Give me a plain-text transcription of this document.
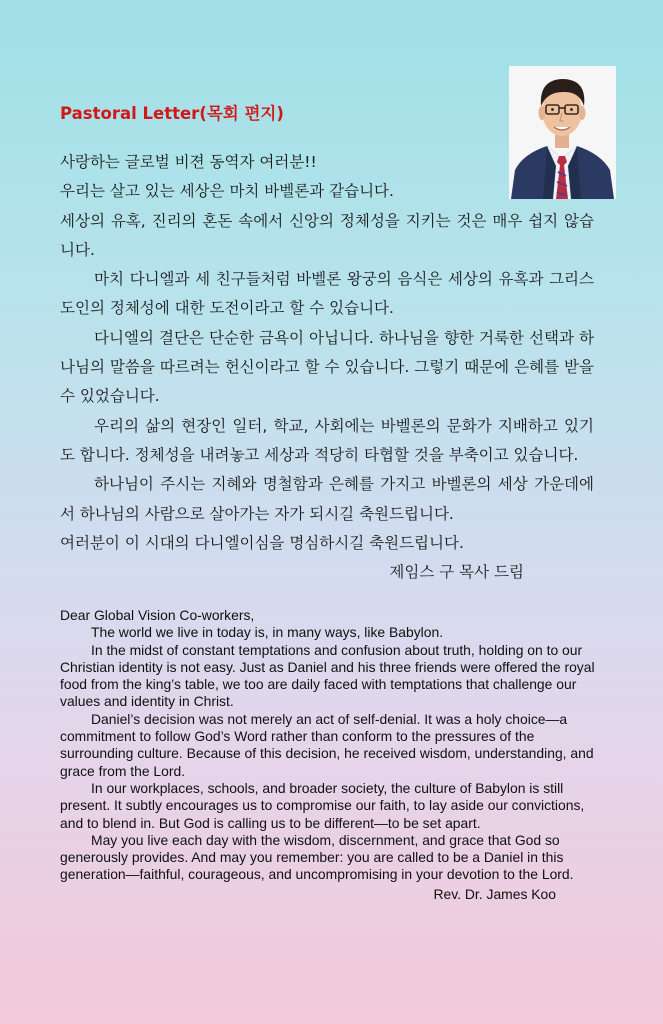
Pastoral Letter(목회 편지)

사랑하는 글로벌 비젼 동역자 여러분!!

우리는 살고 있는 세상은 마치 바벨론과 같습니다.

세상의 유혹, 진리의 혼돈 속에서 신앙의 정체성을 지키는 것은 매우 쉽지 않습니다.

마치 다니엘과 세 친구들처럼 바벨론 왕궁의 음식은 세상의 유혹과 그리스도인의 정체성에 대한 도전이라고 할 수 있습니다.

다니엘의 결단은 단순한 금욕이 아닙니다. 하나님을 향한 거룩한 선택과 하나님의 말씀을 따르려는 헌신이라고 할 수 있습니다. 그렇기 때문에 은혜를 받을 수 있었습니다.

우리의 삶의 현장인 일터, 학교, 사회에는 바벨론의 문화가 지배하고 있기도 합니다. 정체성을 내려놓고 세상과 적당히 타협할 것을 부축이고 있습니다.

하나님이 주시는 지혜와 명철함과 은혜를 가지고 바벨론의 세상 가운데에서 하나님의 사람으로 살아가는 자가 되시길 축원드립니다.

여러분이 이 시대의 다니엘이심을 명심하시길 축원드립니다.

제임스 구 목사 드림

Dear Global Vision Co-workers,

The world we live in today is, in many ways, like Babylon.

In the midst of constant temptations and confusion about truth, holding on to our Christian identity is not easy. Just as Daniel and his three friends were offered the royal food from the king’s table, we too are daily faced with temptations that challenge our values and identity in Christ.

Daniel’s decision was not merely an act of self-denial. It was a holy choice—a commitment to follow God’s Word rather than conform to the pressures of the surrounding culture. Because of this decision, he received wisdom, understanding, and grace from the Lord.

In our workplaces, schools, and broader society, the culture of Babylon is still present. It subtly encourages us to compromise our faith, to lay aside our convictions, and to blend in. But God is calling us to be different—to be set apart.

May you live each day with the wisdom, discernment, and grace that God so generously provides. And may you remember: you are called to be a Daniel in this generation—faithful, courageous, and uncompromising in your devotion to the Lord.

Rev. Dr. James Koo
